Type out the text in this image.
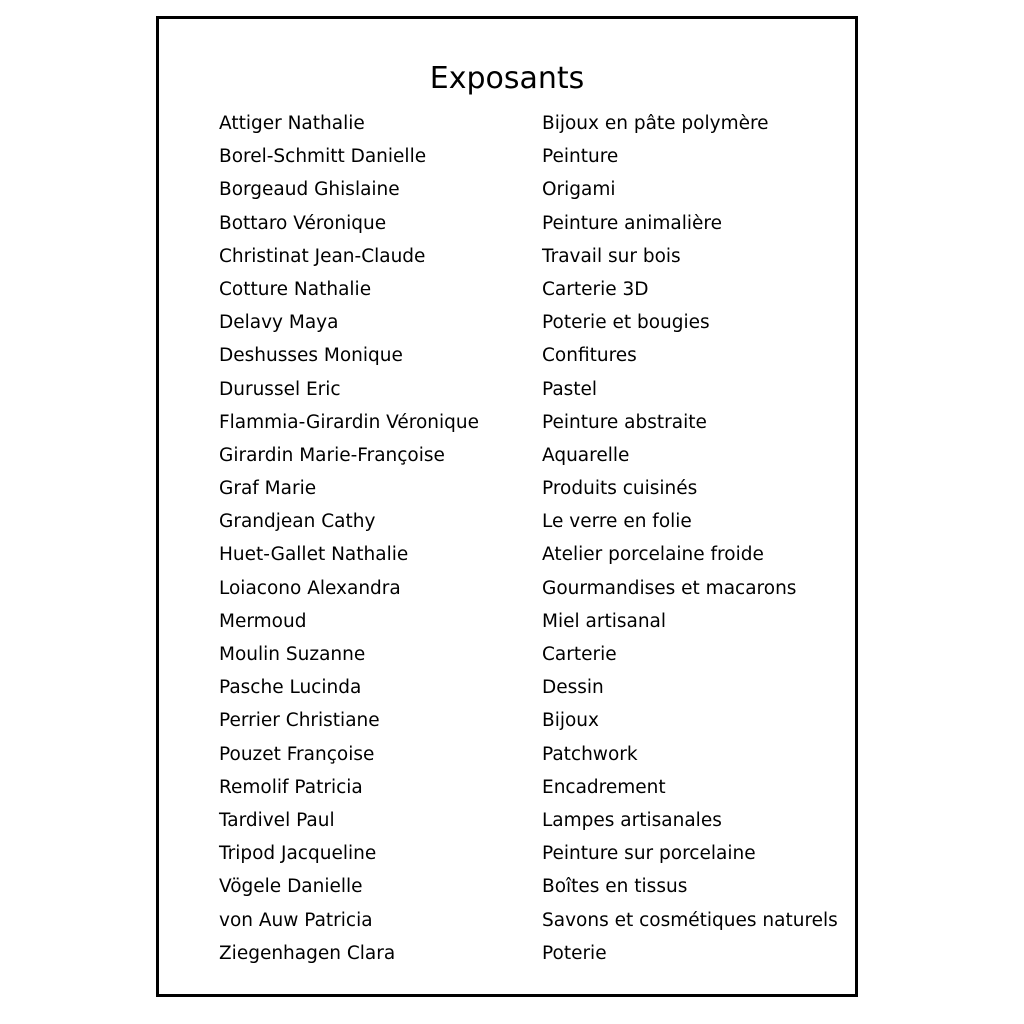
Exposants
Attiger Nathalie	Bijoux en pâte polymère
Borel-Schmitt Danielle	Peinture
Borgeaud Ghislaine	Origami
Bottaro Véronique	Peinture animalière
Christinat Jean-Claude	Travail sur bois
Cotture Nathalie	Carterie 3D
Delavy Maya	Poterie et bougies
Deshusses Monique	Confitures
Durussel Eric	Pastel
Flammia-Girardin Véronique	Peinture abstraite
Girardin Marie-Françoise	Aquarelle
Graf Marie	Produits cuisinés
Grandjean Cathy	Le verre en folie
Huet-Gallet Nathalie	Atelier porcelaine froide
Loiacono Alexandra	Gourmandises et macarons
Mermoud	Miel artisanal
Moulin Suzanne	Carterie
Pasche Lucinda	Dessin
Perrier Christiane	Bijoux
Pouzet Françoise	Patchwork
Remolif Patricia	Encadrement
Tardivel Paul	Lampes artisanales
Tripod Jacqueline	Peinture sur porcelaine
Vögele Danielle	Boîtes en tissus
von Auw Patricia	Savons et cosmétiques naturels
Ziegenhagen Clara	Poterie
